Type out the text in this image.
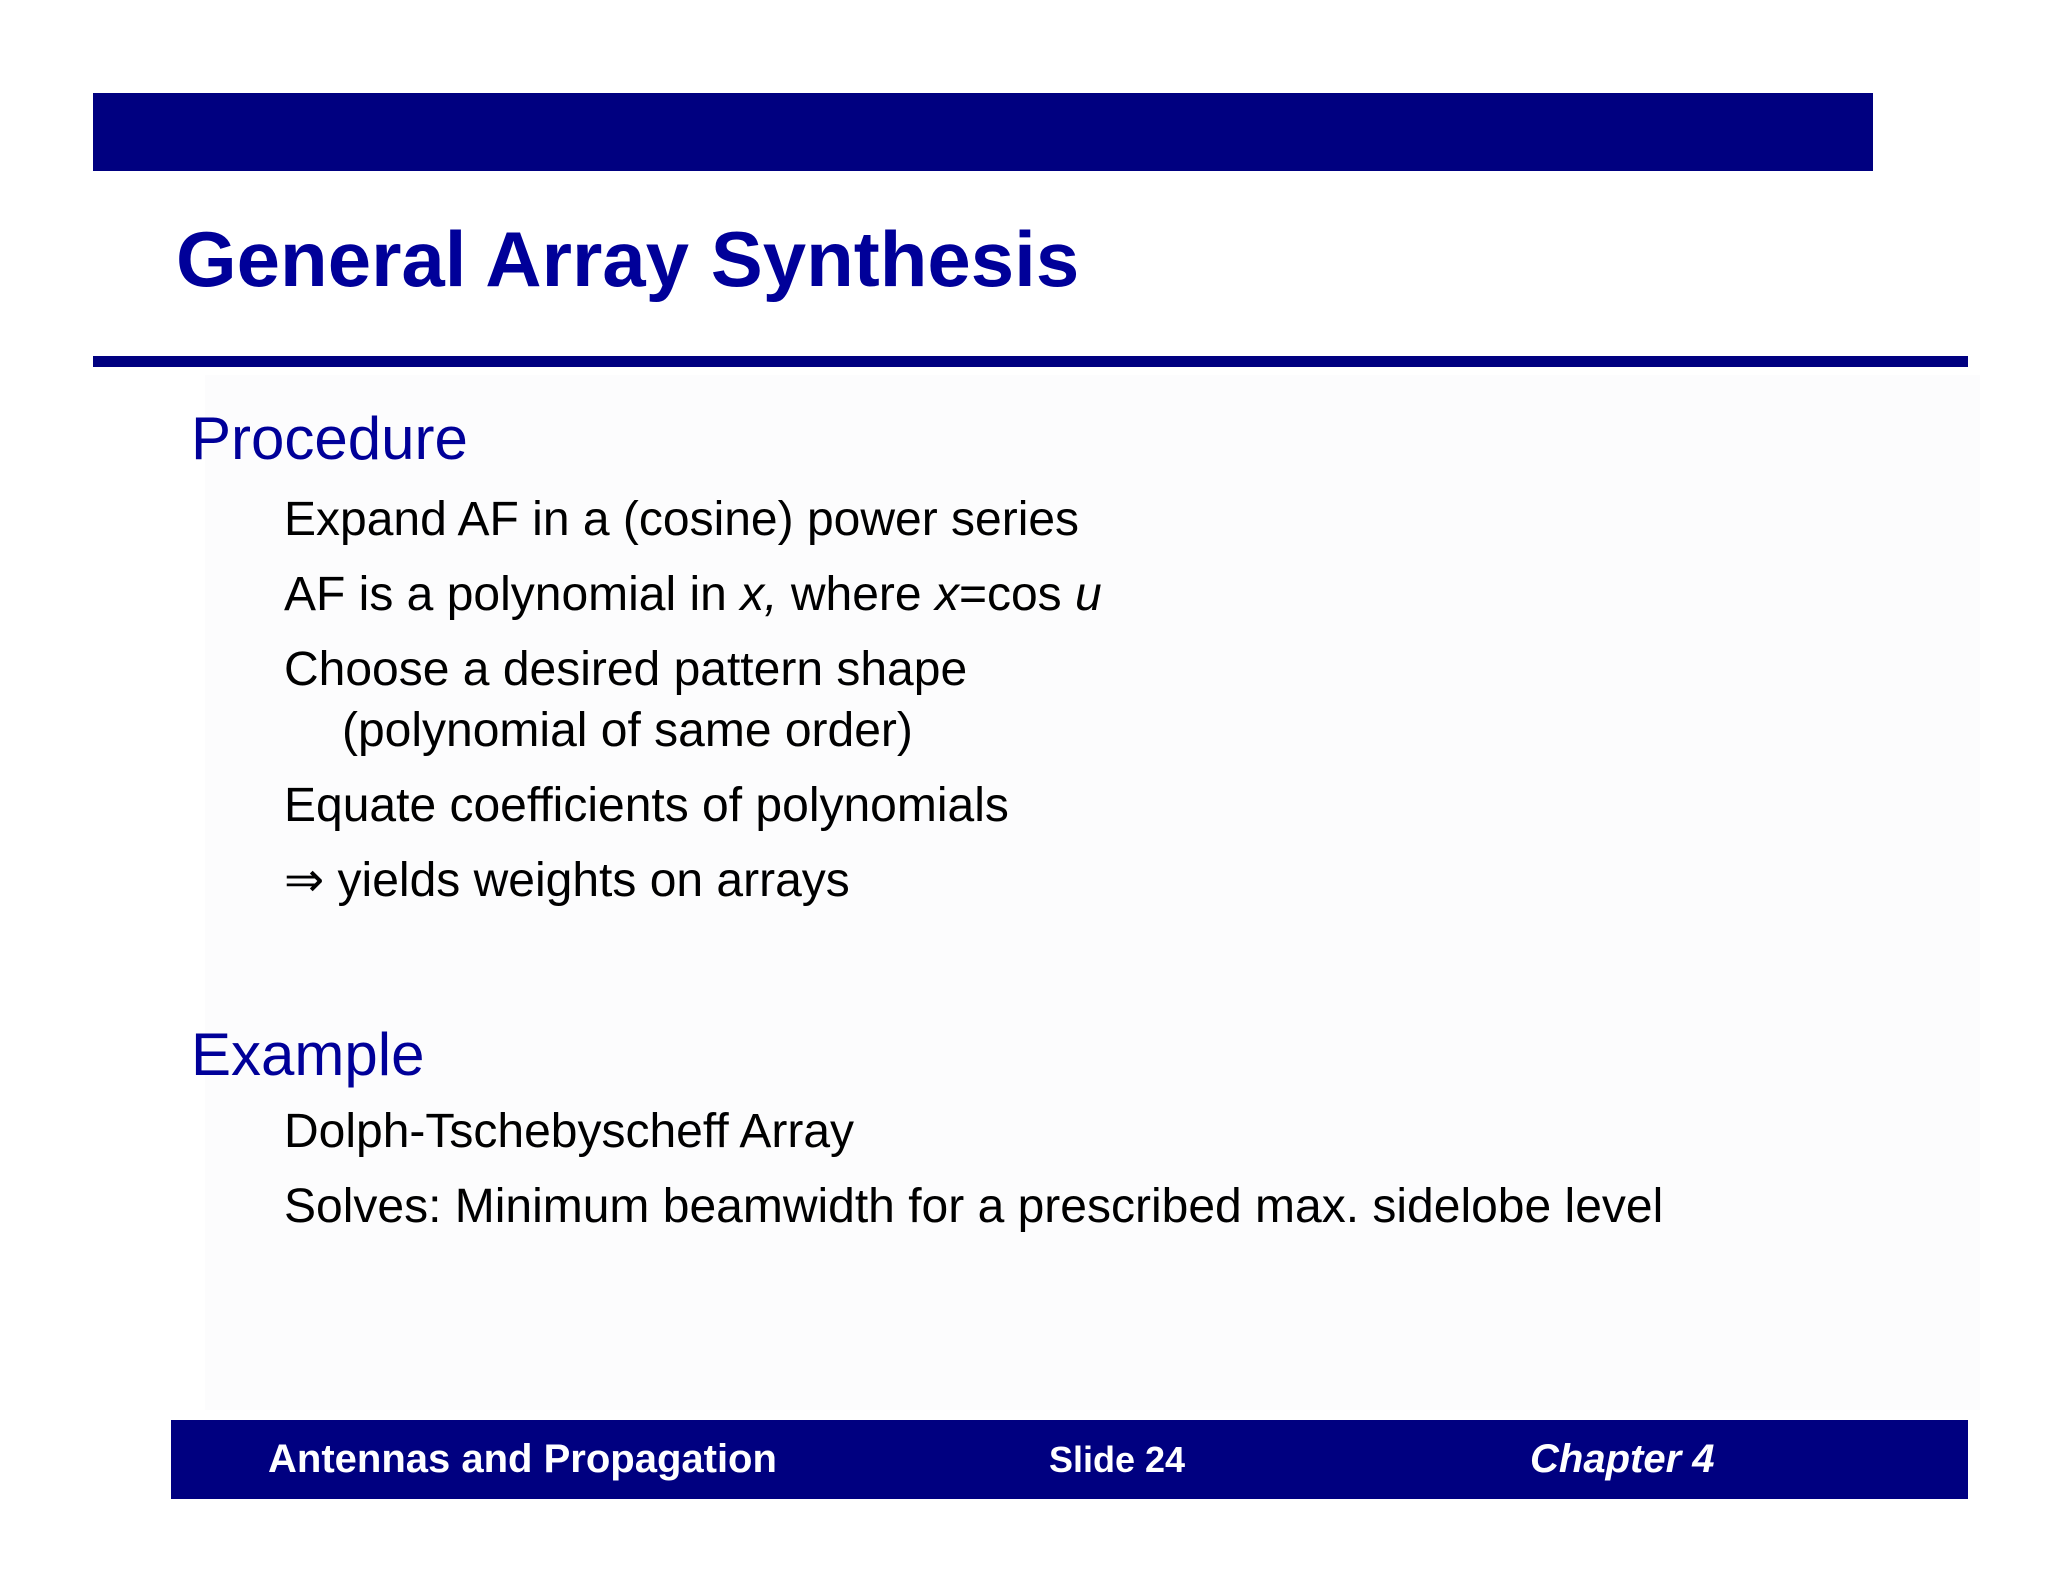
General Array Synthesis
Procedure
Expand AF in a (cosine) power series
AF is a polynomial in x, where x=cos u
Choose a desired pattern shape
(polynomial of same order)
Equate coefficients of polynomials
⇒ yields weights on arrays
Example
Dolph-Tschebyscheff Array
Solves: Minimum beamwidth for a prescribed max. sidelobe level
Antennas and Propagation	Slide 24	Chapter 4
